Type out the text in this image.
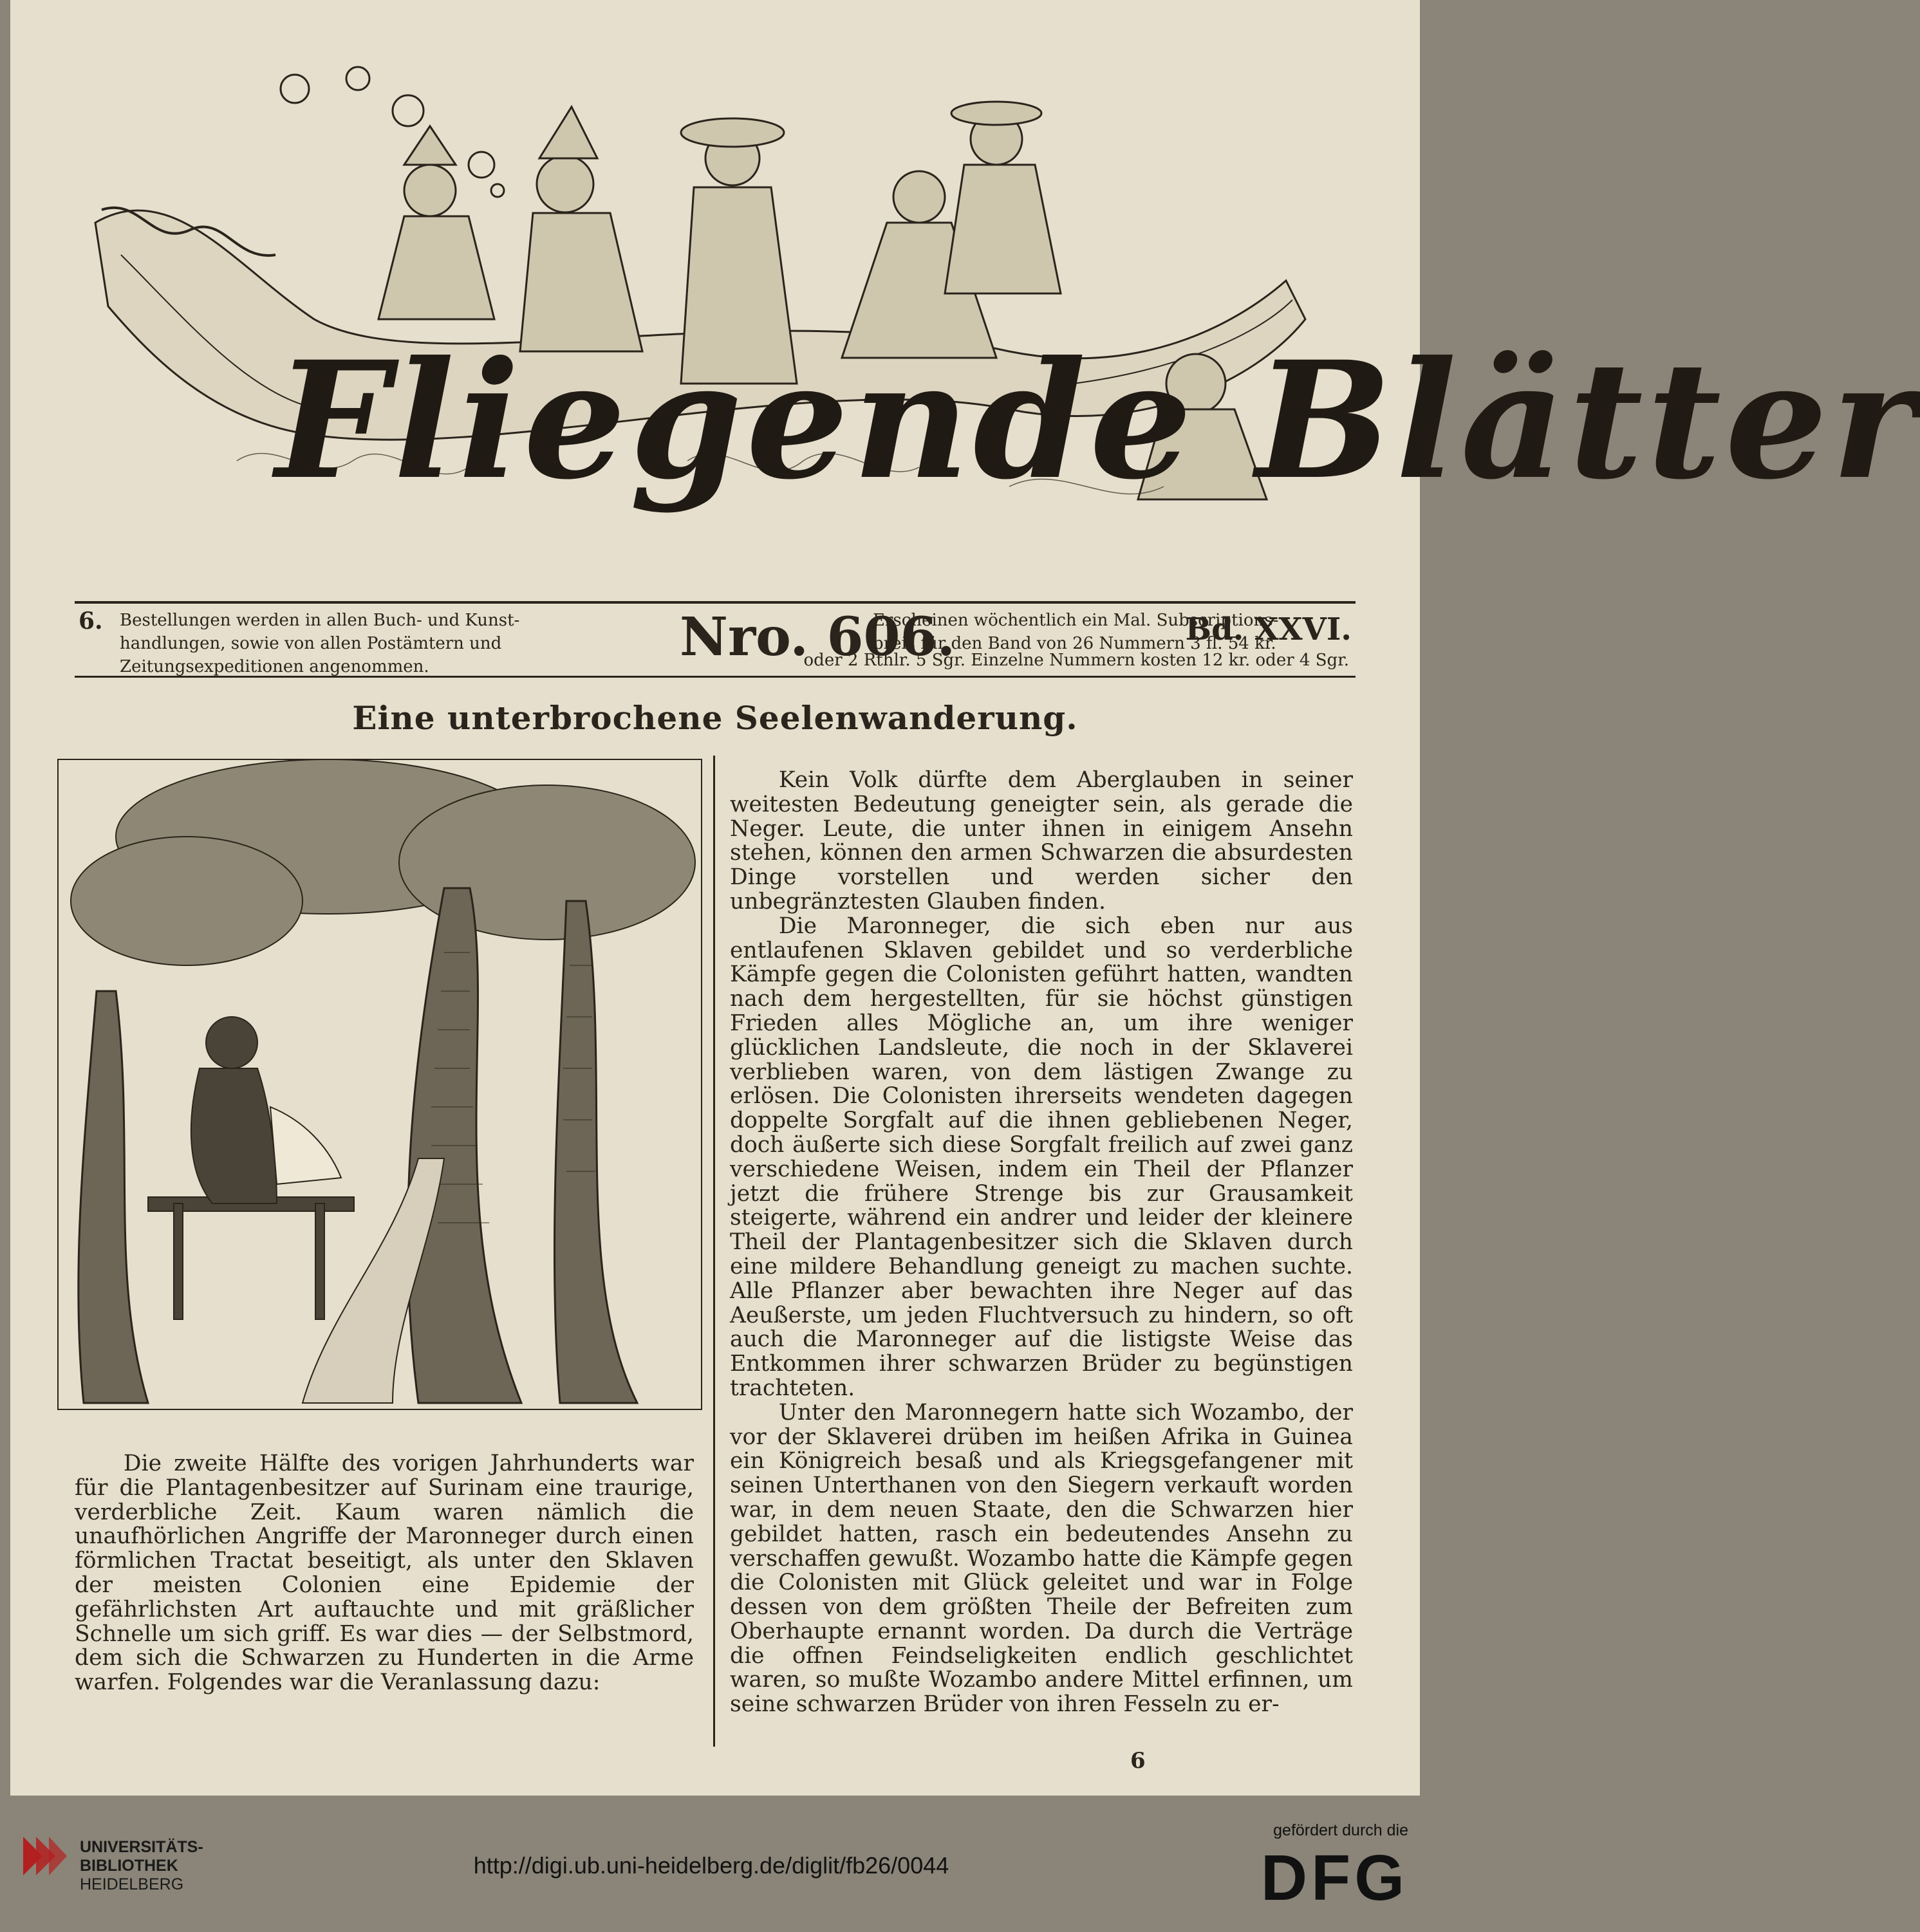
Fliegende Blätter
6. Bestellungen werden in allen Buch- und Kunst-
handlungen, sowie von allen Postämtern und
Zeitungsexpeditionen angenommen.	Nro. 606.
Erscheinen wöchentlich ein Mal. Subscriptions-
preis für den Band von 26 Nummern 3 fl. 54 kr.
oder 2 Rthlr. 5 Sgr. Einzelne Nummern kosten 12 kr. oder 4 Sgr.
Bd. XXVI.
Eine unterbrochene Seelenwanderung.

Die zweite Hälfte des vorigen Jahrhunderts war für die Plantagenbesitzer auf Surinam eine traurige, verderbliche Zeit. Kaum waren nämlich die unaufhörlichen Angriffe der Maronneger durch einen förmlichen Tractat beseitigt, als unter den Sklaven der meisten Colonien eine Epidemie der gefährlichsten Art auftauchte und mit gräßlicher Schnelle um sich griff. Es war dies — der Selbstmord, dem sich die Schwarzen zu Hunderten in die Arme warfen. Folgendes war die Veranlassung dazu:

Kein Volk dürfte dem Aberglauben in seiner weitesten Bedeutung geneigter sein, als gerade die Neger. Leute, die unter ihnen in einigem Ansehn stehen, können den armen Schwarzen die absurdesten Dinge vorstellen und werden sicher den unbegränztesten Glauben finden.

Die Maronneger, die sich eben nur aus entlaufenen Sklaven gebildet und so verderbliche Kämpfe gegen die Colonisten geführt hatten, wandten nach dem hergestellten, für sie höchst günstigen Frieden alles Mögliche an, um ihre weniger glücklichen Landsleute, die noch in der Sklaverei verblieben waren, von dem lästigen Zwange zu erlösen. Die Colonisten ihrerseits wendeten dagegen doppelte Sorgfalt auf die ihnen gebliebenen Neger, doch äußerte sich diese Sorgfalt freilich auf zwei ganz verschiedene Weisen, indem ein Theil der Pflanzer jetzt die frühere Strenge bis zur Grausamkeit steigerte, während ein andrer und leider der kleinere Theil der Plantagenbesitzer sich die Sklaven durch eine mildere Behandlung geneigt zu machen suchte. Alle Pflanzer aber bewachten ihre Neger auf das Aeußerste, um jeden Fluchtversuch zu hindern, so oft auch die Maronneger auf die listigste Weise das Entkommen ihrer schwarzen Brüder zu begünstigen trachteten.

Unter den Maronnegern hatte sich Wozambo, der vor der Sklaverei drüben im heißen Afrika in Guinea ein Königreich besaß und als Kriegsgefangener mit seinen Unterthanen von den Siegern verkauft worden war, in dem neuen Staate, den die Schwarzen hier gebildet hatten, rasch ein bedeutendes Ansehn zu verschaffen gewußt. Wozambo hatte die Kämpfe gegen die Colonisten mit Glück geleitet und war in Folge dessen von dem größten Theile der Befreiten zum Oberhaupte ernannt worden. Da durch die Verträge die offnen Feindseligkeiten endlich geschlichtet waren, so mußte Wozambo andere Mittel erfinnen, um seine schwarzen Brüder von ihren Fesseln zu er-

6
UNIVERSITÄTS-
BIBLIOTHEK
HEIDELBERG
http://digi.ub.uni-heidelberg.de/diglit/fb26/0044
gefördert durch die
DFG
